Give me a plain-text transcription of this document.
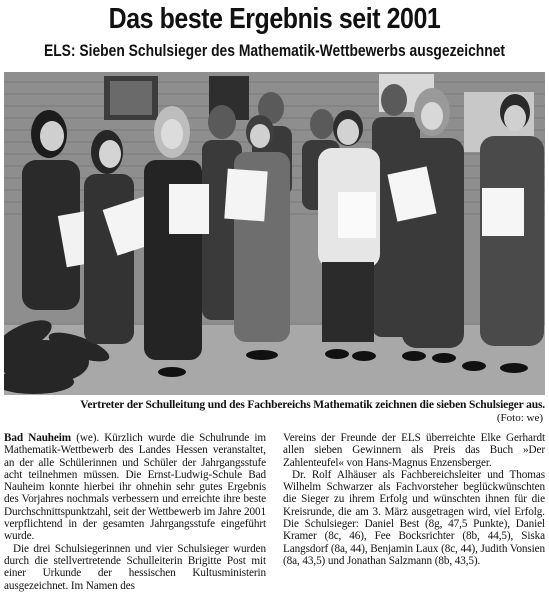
Das beste Ergebnis seit 2001
ELS: Sieben Schulsieger des Mathematik-Wettbewerbs ausgezeichnet
Vertreter der Schulleitung und des Fachbereichs Mathematik zeichnen die sieben Schulsieger aus.
(Foto: we)

Bad Nauheim (we). Kürzlich wurde die Schulrunde im Mathematik-Wettbewerb des Landes Hessen veranstaltet, an der alle Schülerinnen und Schüler der Jahrgangsstufe acht teilnehmen müssen. Die Ernst-Ludwig-Schule Bad Nauheim konnte hierbei ihr ohnehin sehr gutes Ergebnis des Vorjahres nochmals verbessern und erreichte ihre beste Durchschnittspunktzahl, seit der Wettbewerb im Jahre 2001 verpflichtend in der gesamten Jahrgangsstufe eingeführt wurde.

Die drei Schulsiegerinnen und vier Schulsieger wurden durch die stellvertretende Schulleiterin Brigitte Post mit einer Urkunde der hessischen Kultusministerin ausgezeichnet. Im Namen des

Vereins der Freunde der ELS überreichte Elke Gerhardt allen sieben Gewinnern als Preis das Buch »Der Zahlenteufel« von Hans-Magnus Enzensberger.

Dr. Rolf Alhäuser als Fachbereichsleiter und Thomas Wilhelm Schwarzer als Fachvorsteher beglückwünschten die Sieger zu ihrem Erfolg und wünschten ihnen für die Kreisrunde, die am 3. März ausgetragen wird, viel Erfolg. Die Schulsieger: Daniel Best (8g, 47,5 Punkte), Daniel Kramer (8c, 46), Fee Bocksrichter (8b, 44,5), Siska Langsdorf (8a, 44), Benjamin Laux (8c, 44), Judith Vonsien (8a, 43,5) und Jonathan Salzmann (8b, 43,5).
